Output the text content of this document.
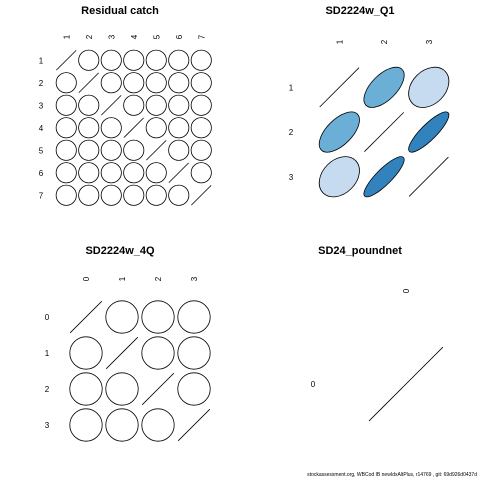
Residual catch
1 2 3 4 5 6 7
1
2
3
4
5
6
7
SD2224w_Q1
1	2	3
1
2
3
SD2224w_4Q
0	1	2	3
0
1
2
3
SD24_poundnet
0
0
stockassessment.org, WBCod IB newIdxAltPlus, r14769 , git: 69d926d0437d
